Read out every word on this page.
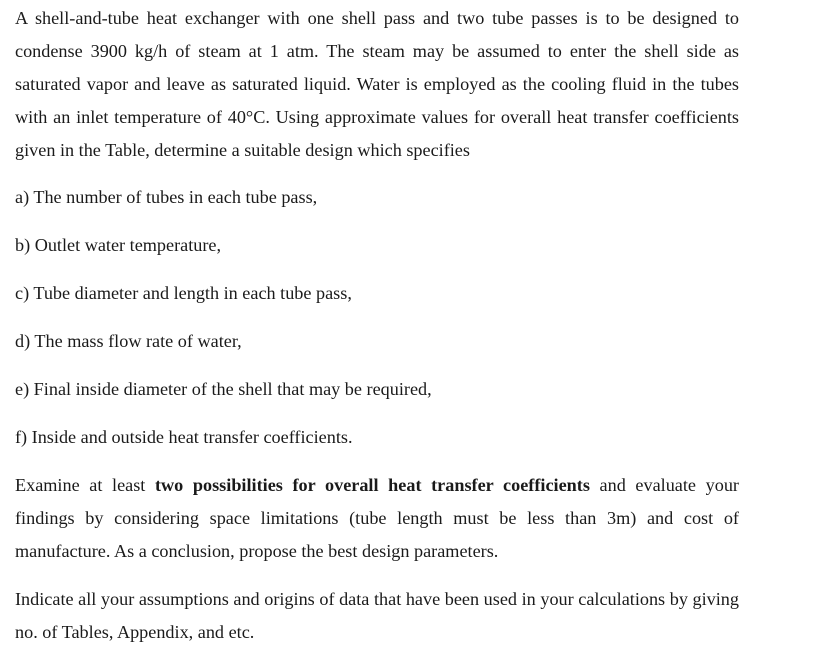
A shell-and-tube heat exchanger with one shell pass and two tube passes is to be designed to condense 3900 kg/h of steam at 1 atm. The steam may be assumed to enter the shell side as saturated vapor and leave as saturated liquid. Water is employed as the cooling fluid in the tubes with an inlet temperature of 40°C. Using approximate values for overall heat transfer coefficients given in the Table, determine a suitable design which specifies

a) The number of tubes in each tube pass,

b) Outlet water temperature,

c) Tube diameter and length in each tube pass,

d) The mass flow rate of water,

e) Final inside diameter of the shell that may be required,

f) Inside and outside heat transfer coefficients.

Examine at least two possibilities for overall heat transfer coefficients and evaluate your findings by considering space limitations (tube length must be less than 3m) and cost of manufacture. As a conclusion, propose the best design parameters.

Indicate all your assumptions and origins of data that have been used in your calculations by giving no. of Tables, Appendix, and etc.
